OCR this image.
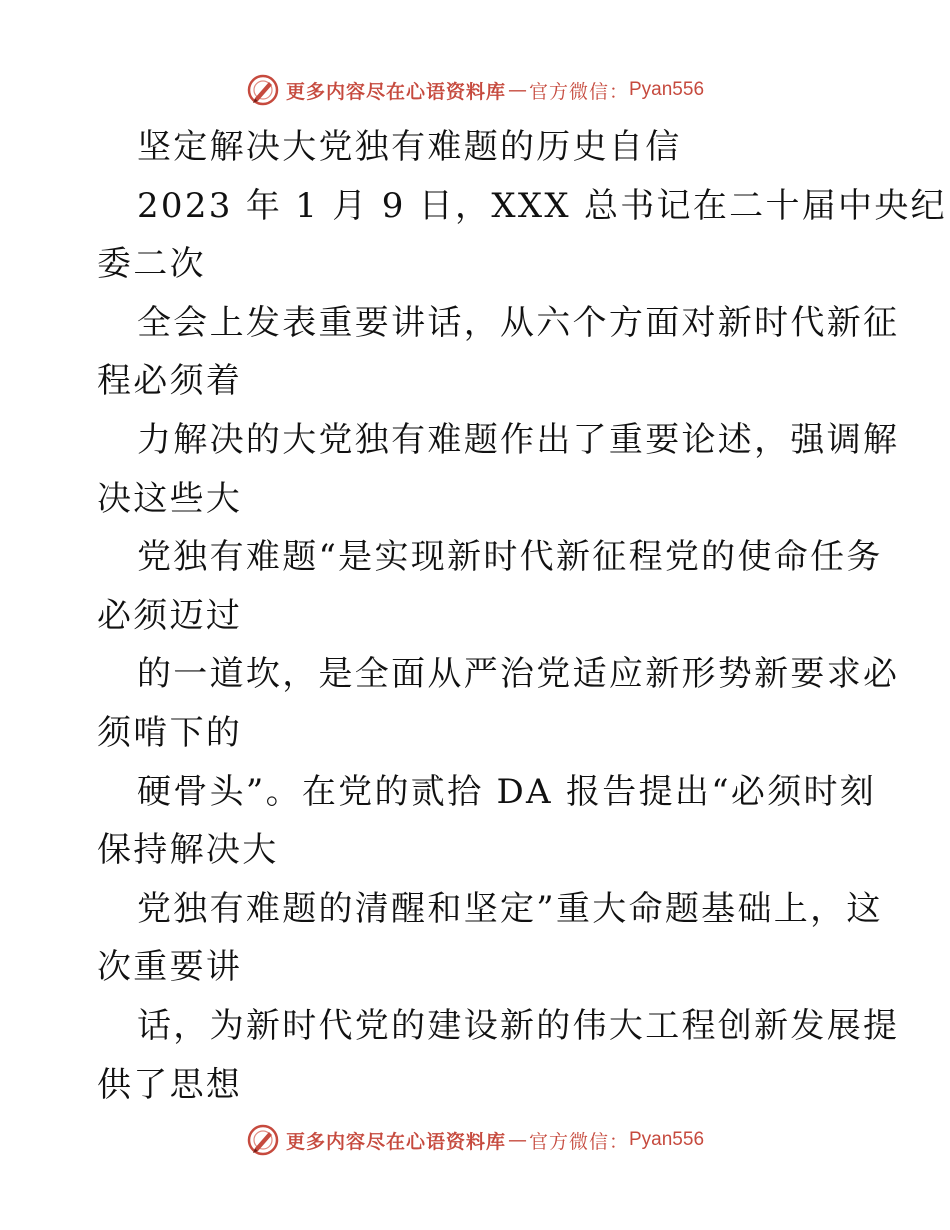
更多内容尽在心语资料库 — 官方微信： Pyan556
坚定解决大党独有难题的历史自信
2023 年 1 月 9 日，XXX 总书记在二十届中央纪
委二次
全会上发表重要讲话，从六个方面对新时代新征
程必须着
力解决的大党独有难题作出了重要论述，强调解
决这些大
党独有难题“是实现新时代新征程党的使命任务
必须迈过
的一道坎，是全面从严治党适应新形势新要求必
须啃下的
硬骨头”。在党的贰拾 DA 报告提出“必须时刻
保持解决大
党独有难题的清醒和坚定”重大命题基础上，这
次重要讲
话，为新时代党的建设新的伟大工程创新发展提
供了思想
更多内容尽在心语资料库 — 官方微信： Pyan556
